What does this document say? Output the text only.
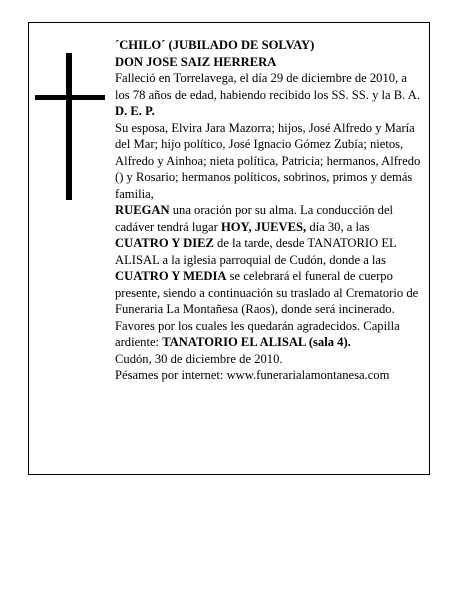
´CHILO´ (JUBILADO DE SOLVAY)

DON JOSE SAIZ HERRERA

Falleció en Torrelavega, el día 29 de diciembre de 2010, a los 78 años de edad, habiendo recibido los SS. SS. y la B. A.

D. E. P.

Su esposa, Elvira Jara Mazorra; hijos, José Alfredo y María del Mar; hijo político, José Ignacio Gómez Zubía; nietos, Alfredo y Ainhoa; nieta política, Patricia; hermanos, Alfredo () y Rosario; hermanos políticos, sobrinos, primos y demás familia,

RUEGAN una oración por su alma. La conducción del cadáver tendrá lugar HOY, JUEVES, día 30, a las CUATRO Y DIEZ de la tarde, desde TANATORIO EL ALISAL a la iglesia parroquial de Cudón, donde a las CUATRO Y MEDIA se celebrará el funeral de cuerpo presente, siendo a continuación su traslado al Crematorio de Funeraria La Montañesa (Raos), donde será incinerado. Favores por los cuales les quedarán agradecidos. Capilla ardiente: TANATORIO EL ALISAL (sala 4).

Cudón, 30 de diciembre de 2010.

Pésames por internet: www.funerarialamontanesa.com
